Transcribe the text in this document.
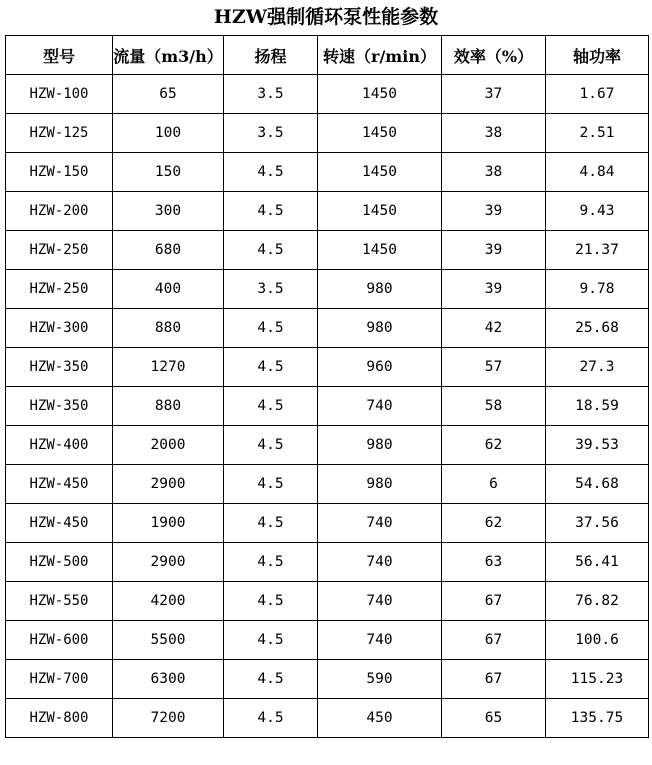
HZW强制循环泵性能参数
型号	流量（m3/h）	扬程	转速（r/min）	效率（%）	轴功率
HZW-100	65	3.5	1450	37	1.67
HZW-125	100	3.5	1450	38	2.51
HZW-150	150	4.5	1450	38	4.84
HZW-200	300	4.5	1450	39	9.43
HZW-250	680	4.5	1450	39	21.37
HZW-250	400	3.5	980	39	9.78
HZW-300	880	4.5	980	42	25.68
HZW-350	1270	4.5	960	57	27.3
HZW-350	880	4.5	740	58	18.59
HZW-400	2000	4.5	980	62	39.53
HZW-450	2900	4.5	980	6	54.68
HZW-450	1900	4.5	740	62	37.56
HZW-500	2900	4.5	740	63	56.41
HZW-550	4200	4.5	740	67	76.82
HZW-600	5500	4.5	740	67	100.6
HZW-700	6300	4.5	590	67	115.23
HZW-800	7200	4.5	450	65	135.75
